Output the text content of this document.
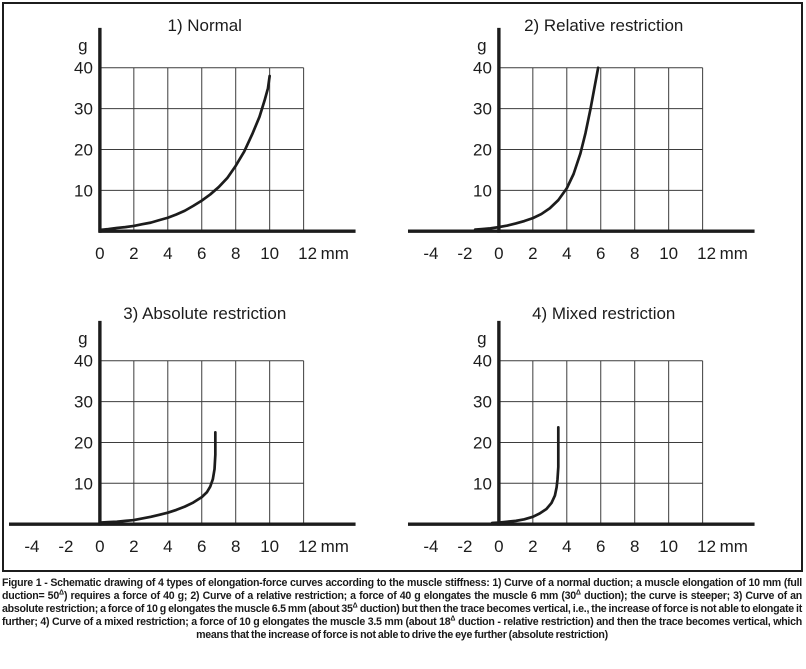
1) Normal
10
20
30
40
g
0 2 4 6 8 10 12 mm
2) Relative restriction
10
20
30
40
g
-4 -2 0 2 4 6 8 10 12 mm
3) Absolute restriction
10
20
30
40
g
-4 -2 0 2 4 6 8 10 12 mm
4) Mixed restriction
10
20
30
40
g
-4 -2 0 2 4 6 8 10 12 mm

Figure 1 - Schematic drawing of 4 types of elongation-force curves according to the muscle stiffness: 1) Curve of a normal duction; a muscle elongation of 10 mm (full duction= $50^\Delta$) requires a force of 40 g; 2) Curve of a relative restriction; a force of 40 g elongates the muscle 6 mm ($30^\Delta$ duction); the curve is steeper; 3) Curve of an absolute restriction; a force of 10 g elongates the muscle 6.5 mm (about $35^\Delta$ duction) but then the trace becomes vertical, i.e., the increase of force is not able to elongate it further; 4) Curve of a mixed restriction; a force of 10 g elongates the muscle 3.5 mm (about $18^\Delta$ duction - relative restriction) and then the trace becomes vertical, which means that the increase of force is not able to drive the eye further (absolute restriction)
